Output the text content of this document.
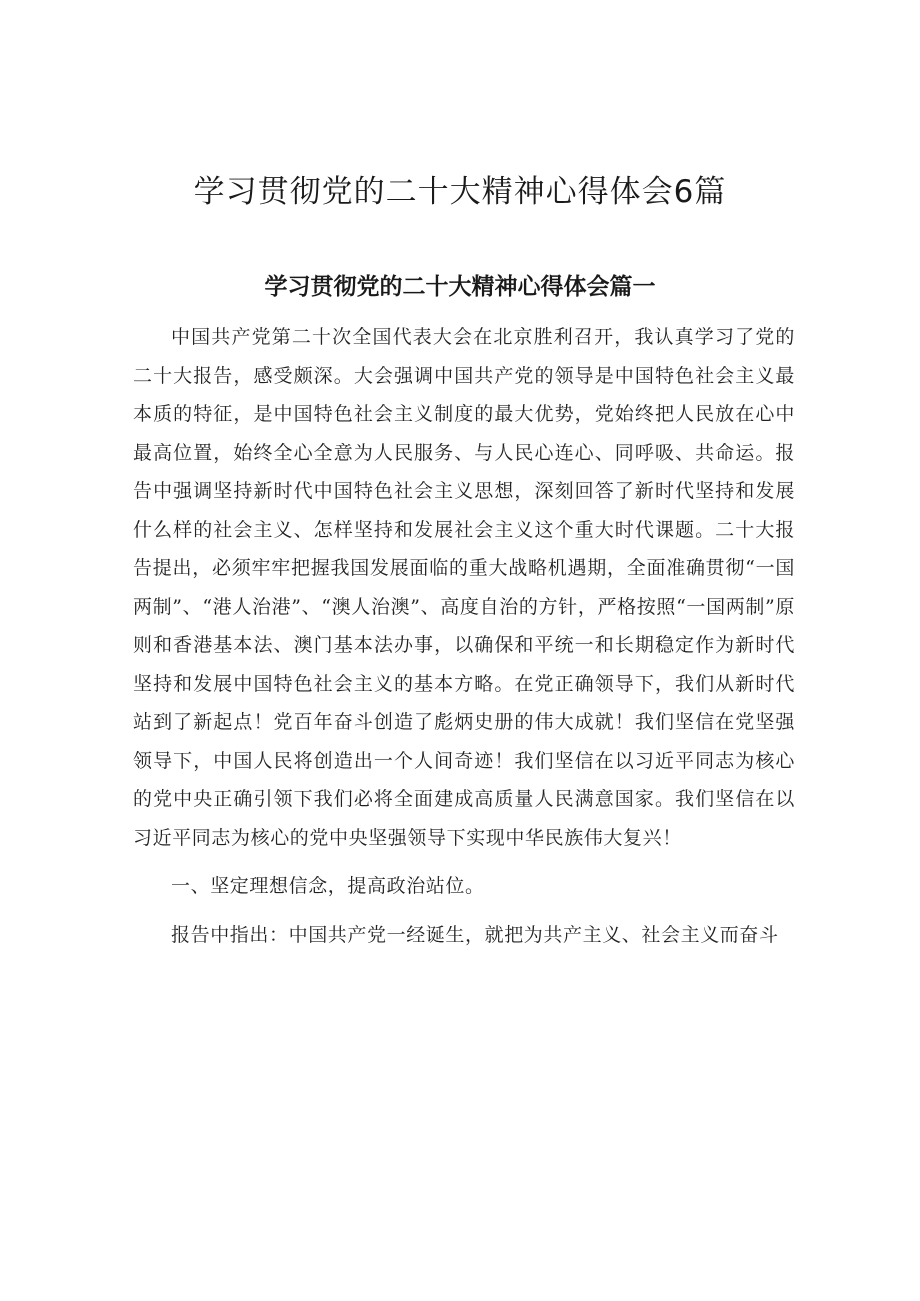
学习贯彻党的二十大精神心得体会6篇
学习贯彻党的二十大精神心得体会篇一

中国共产党第二十次全国代表大会在北京胜利召开，我认真学习了党的二十大报告，感受颇深。大会强调中国共产党的领导是中国特色社会主义最本质的特征，是中国特色社会主义制度的最大优势，党始终把人民放在心中最高位置，始终全心全意为人民服务、与人民心连心、同呼吸、共命运。报告中强调坚持新时代中国特色社会主义思想，深刻回答了新时代坚持和发展什么样的社会主义、怎样坚持和发展社会主义这个重大时代课题。二十大报告提出，必须牢牢把握我国发展面临的重大战略机遇期，全面准确贯彻“一国两制”、“港人治港”、“澳人治澳”、高度自治的方针，严格按照“一国两制”原则和香港基本法、澳门基本法办事，以确保和平统一和长期稳定作为新时代坚持和发展中国特色社会主义的基本方略。在党正确领导下，我们从新时代站到了新起点！党百年奋斗创造了彪炳史册的伟大成就！我们坚信在党坚强领导下，中国人民将创造出一个人间奇迹！我们坚信在以习近平同志为核心的党中央正确引领下我们必将全面建成高质量人民满意国家。我们坚信在以习近平同志为核心的党中央坚强领导下实现中华民族伟大复兴！

一、坚定理想信念，提高政治站位。

报告中指出：中国共产党一经诞生，就把为共产主义、社会主义而奋斗
